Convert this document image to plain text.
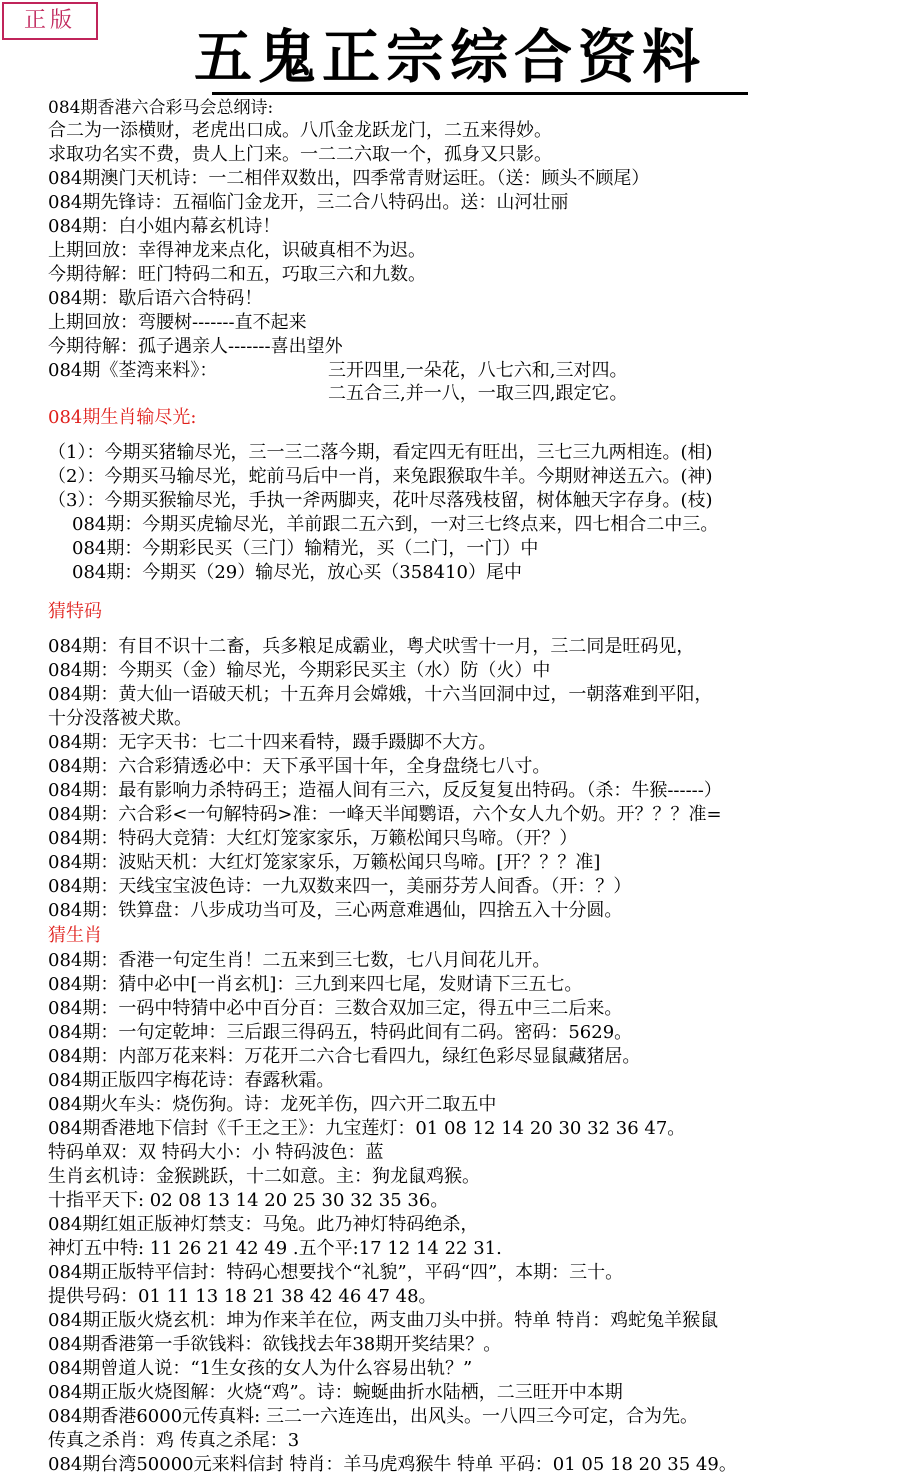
正版
五鬼正宗综合资料
084期香港六合彩马会总纲诗:
合二为一添横财，老虎出口成。八爪金龙跃龙门，二五来得妙。
求取功名实不费，贵人上门来。一二二六取一个，孤身又只影。
084期澳门天机诗：一二相伴双数出，四季常青财运旺。（送：顾头不顾尾）
084期先锋诗：五福临门金龙开，三二合八特码出。送：山河壮丽
084期：白小姐内幕玄机诗！
上期回放：幸得神龙来点化，识破真相不为迟。
今期待解：旺门特码二和五，巧取三六和九数。
084期：歇后语六合特码！
上期回放：弯腰树-------直不起来
今期待解：孤子遇亲人-------喜出望外
084期《荃湾来料》：	三开四里,一朵花，八七六和,三对四。
二五合三,并一八，一取三四,跟定它。
084期生肖输尽光:
（1）：今期买猪输尽光，三一三二落今期，看定四无有旺出，三七三九两相连。(相)
（2）：今期买马输尽光，蛇前马后中一肖，来兔跟猴取牛羊。今期财神送五六。(神)
（3）：今期买猴输尽光，手执一斧两脚夹，花叶尽落残枝留，树体触天字存身。(枝)
084期：今期买虎输尽光，羊前跟二五六到，一对三七终点来，四七相合二中三。
084期：今期彩民买（三门）输精光，买（二门，一门）中
084期：今期买（29）输尽光，放心买（358410）尾中
猜特码
084期：有目不识十二畜，兵多粮足成霸业，粤犬吠雪十一月，三二同是旺码见，
084期：今期买（金）输尽光，今期彩民买主（水）防（火）中
084期：黄大仙一语破天机；十五奔月会嫦娥，十六当回洞中过，一朝落难到平阳，
十分没落被犬欺。
084期：无字天书：七二十四来看特，蹑手蹑脚不大方。
084期：六合彩猜透必中：天下承平国十年，全身盘绕七八寸。
084期：最有影响力杀特码王；造福人间有三六，反反复复出特码。（杀：牛猴------）
084期：六合彩<一句解特码>准：一峰天半闻鹦语，六个女人九个奶。开？？？准=
084期：特码大竞猜：大红灯笼家家乐，万籁松闻只鸟啼。（开？）
084期：波贴天机：大红灯笼家家乐，万籁松闻只鸟啼。[开？？？准]
084期：天线宝宝波色诗：一九双数来四一，美丽芬芳人间香。（开：？）
084期：铁算盘：八步成功当可及，三心两意难遇仙，四捨五入十分圆。
猜生肖
084期：香港一句定生肖！二五来到三七数，七八月间花儿开。
084期：猜中必中[一肖玄机]：三九到来四七尾，发财请下三五七。
084期：一码中特猜中必中百分百：三数合双加三定，得五中三二后来。
084期：一句定乾坤：三后跟三得码五，特码此间有二码。密码：5629。
084期：内部万花来料：万花开二六合七看四九，绿红色彩尽显鼠藏猪居。
084期正版四字梅花诗：春露秋霜。
084期火车头：烧伤狗。诗：龙死羊伤，四六开二取五中
084期香港地下信封《千王之王》：九宝莲灯：01 08 12 14 20 30 32 36 47。
特码单双：双 特码大小：小 特码波色：蓝
生肖玄机诗：金猴跳跃，十二如意。主：狗龙鼠鸡猴。
十指平天下: 02 08 13 14 20 25 30 32 35 36。
084期红姐正版神灯禁支：马兔。此乃神灯特码绝杀，
神灯五中特: 11 26 21 42 49 .五个平:17 12 14 22 31.
084期正版特平信封：特码心想要找个“礼貌”，平码“四”，本期：三十。
提供号码：01 11 13 18 21 38 42 46 47 48。
084期正版火烧玄机：坤为作来羊在位，两支曲刀头中拼。特单 特肖：鸡蛇兔羊猴鼠
084期香港第一手欲钱料：欲钱找去年38期开奖结果？。
084期曾道人说：“1生女孩的女人为什么容易出轨？”
084期正版火烧图解：火烧“鸡”。诗：蜿蜒曲折水陆栖，二三旺开中本期
084期香港6000元传真料: 三二一六连连出，出风头。一八四三今可定，合为先。
传真之杀肖：鸡 传真之杀尾：3
084期台湾50000元来料信封 特肖：羊马虎鸡猴牛 特单 平码：01 05 18 20 35 49。
